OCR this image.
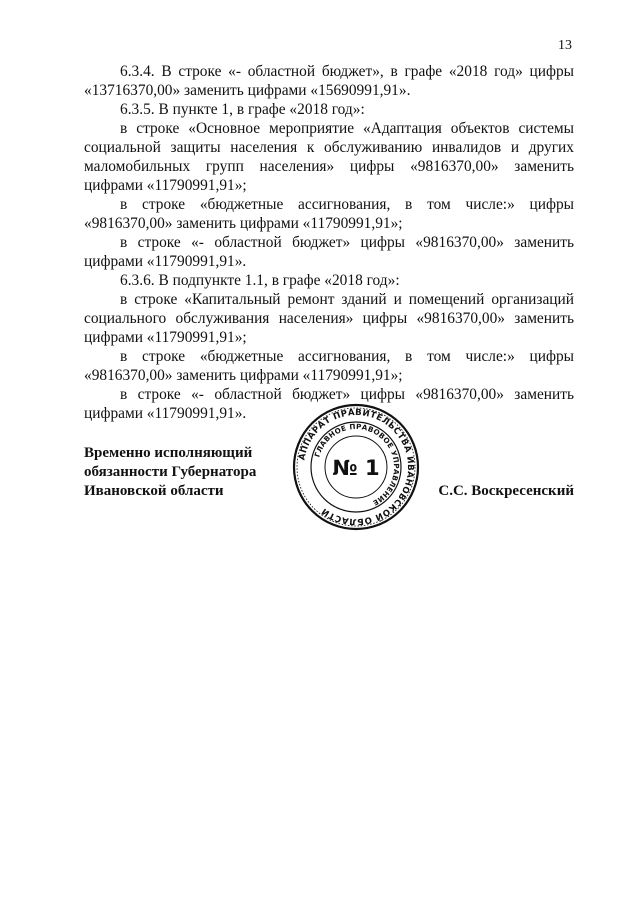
13

6.3.4. В строке «- областной бюджет», в графе «2018 год» цифры «13716370,00» заменить цифрами «15690991,91».

6.3.5. В пункте 1, в графе «2018 год»:

в строке «Основное мероприятие «Адаптация объектов системы социальной защиты населения к обслуживанию инвалидов и других маломобильных групп населения» цифры «9816370,00» заменить цифрами «11790991,91»;

в строке «бюджетные ассигнования, в том числе:» цифры «9816370,00» заменить цифрами «11790991,91»;

в строке «- областной бюджет» цифры «9816370,00» заменить цифрами «11790991,91».

6.3.6. В подпункте 1.1, в графе «2018 год»:

в строке «Капитальный ремонт зданий и помещений организаций социального обслуживания населения» цифры «9816370,00» заменить цифрами «11790991,91»;

в строке «бюджетные ассигнования, в том числе:» цифры «9816370,00» заменить цифрами «11790991,91»;

в строке «- областной бюджет» цифры «9816370,00» заменить цифрами «11790991,91».

Временно исполняющий
обязанности Губернатора
Ивановской области	С.С. Воскресенский
АППАРАТ ПРАВИТЕЛЬСТВА ИВАНОВСКОЙ ОБЛАСТИ
ГЛАВНОЕ ПРАВОВОЕ УПРАВЛЕНИЕ
№ 1
